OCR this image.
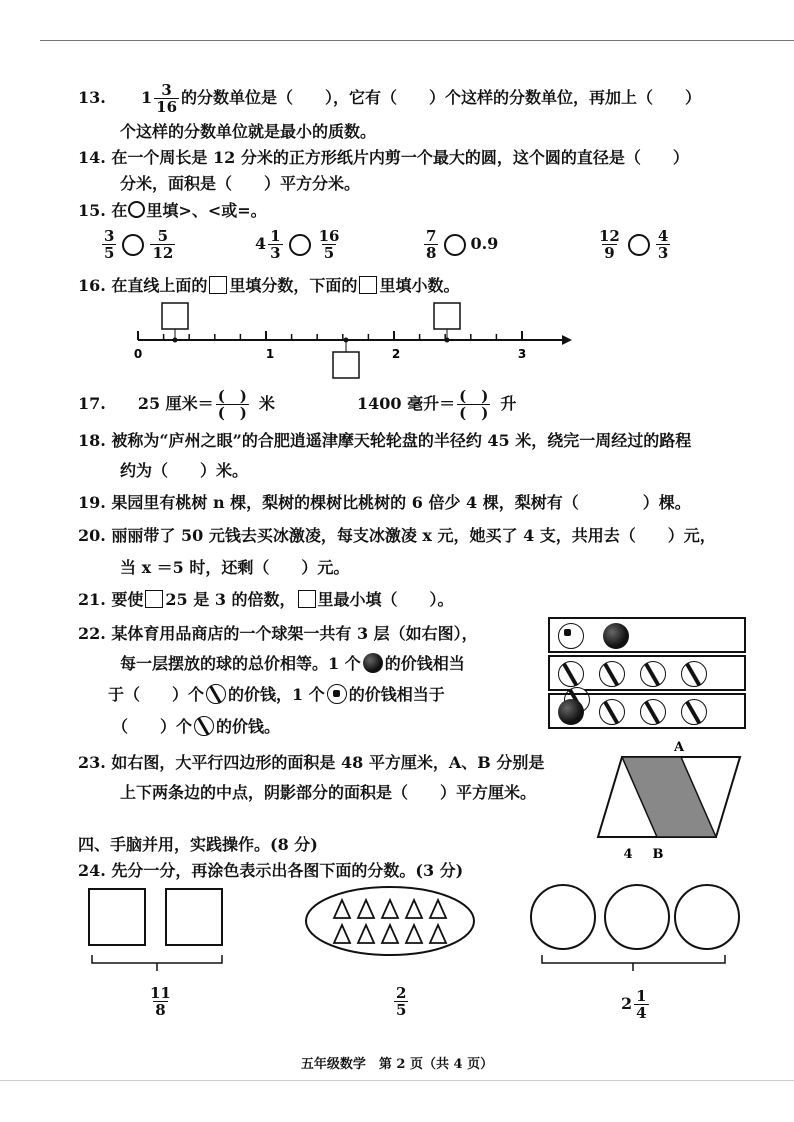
13. $1 \frac{3}{16}$ 的分数单位是（　　），它有（　　）个这样的分数单位，再加上（　　）
个这样的分数单位就是最小的质数。
14. 在一个周长是 12 分米的正方形纸片内剪一个最大的圆，这个圆的直径是（　　）
分米，面积是（　　）平方分米。
15. 在 里填>、<或=。
$\frac{3}{5} \frac{5}{12}$	$4 \frac{1}{3} \frac{16}{5}$	$\frac{7}{8} 0.9$	$\frac{12}{9} \frac{4}{3}$
16. 在直线上面的 里填分数，下面的 里填小数。
0	1	2	3
17. 25 厘米＝ $\frac{( )}{( )}$ 米	1400 毫升＝ $\frac{( )}{( )}$ 升
18. 被称为“庐州之眼”的合肥逍遥津摩天轮轮盘的半径约 45 米，绕完一周经过的路程
约为（　　）米。
19. 果园里有桃树 n 棵，梨树的棵树比桃树的 6 倍少 4 棵，梨树有（　　　　）棵。
20. 丽丽带了 50 元钱去买冰激凌，每支冰激凌 x 元，她买了 4 支，共用去（　　）元，
当 x ＝5 时，还剩（　　）元。
21. 要使 25 是 3 的倍数， 里最小填（　　）。
22. 某体育用品商店的一个球架一共有 3 层（如右图），
每一层摆放的球的总价相等。1 个 的价钱相当
于（　　）个 的价钱，1 个 的价钱相当于
（　　）个 的价钱。

23. 如右图，大平行四边形的面积是 48 平方厘米，A、B 分别是
上下两条边的中点，阴影部分的面积是（　　）平方厘米。
A
4 B
四、手脑并用，实践操作。(8 分)
24. 先分一分，再涂色表示出各图下面的分数。(3 分)
$\frac{11}{8}$	$\frac{2}{5}$	$2 \frac{1}{4}$
五年级数学　第 2 页（共 4 页）
